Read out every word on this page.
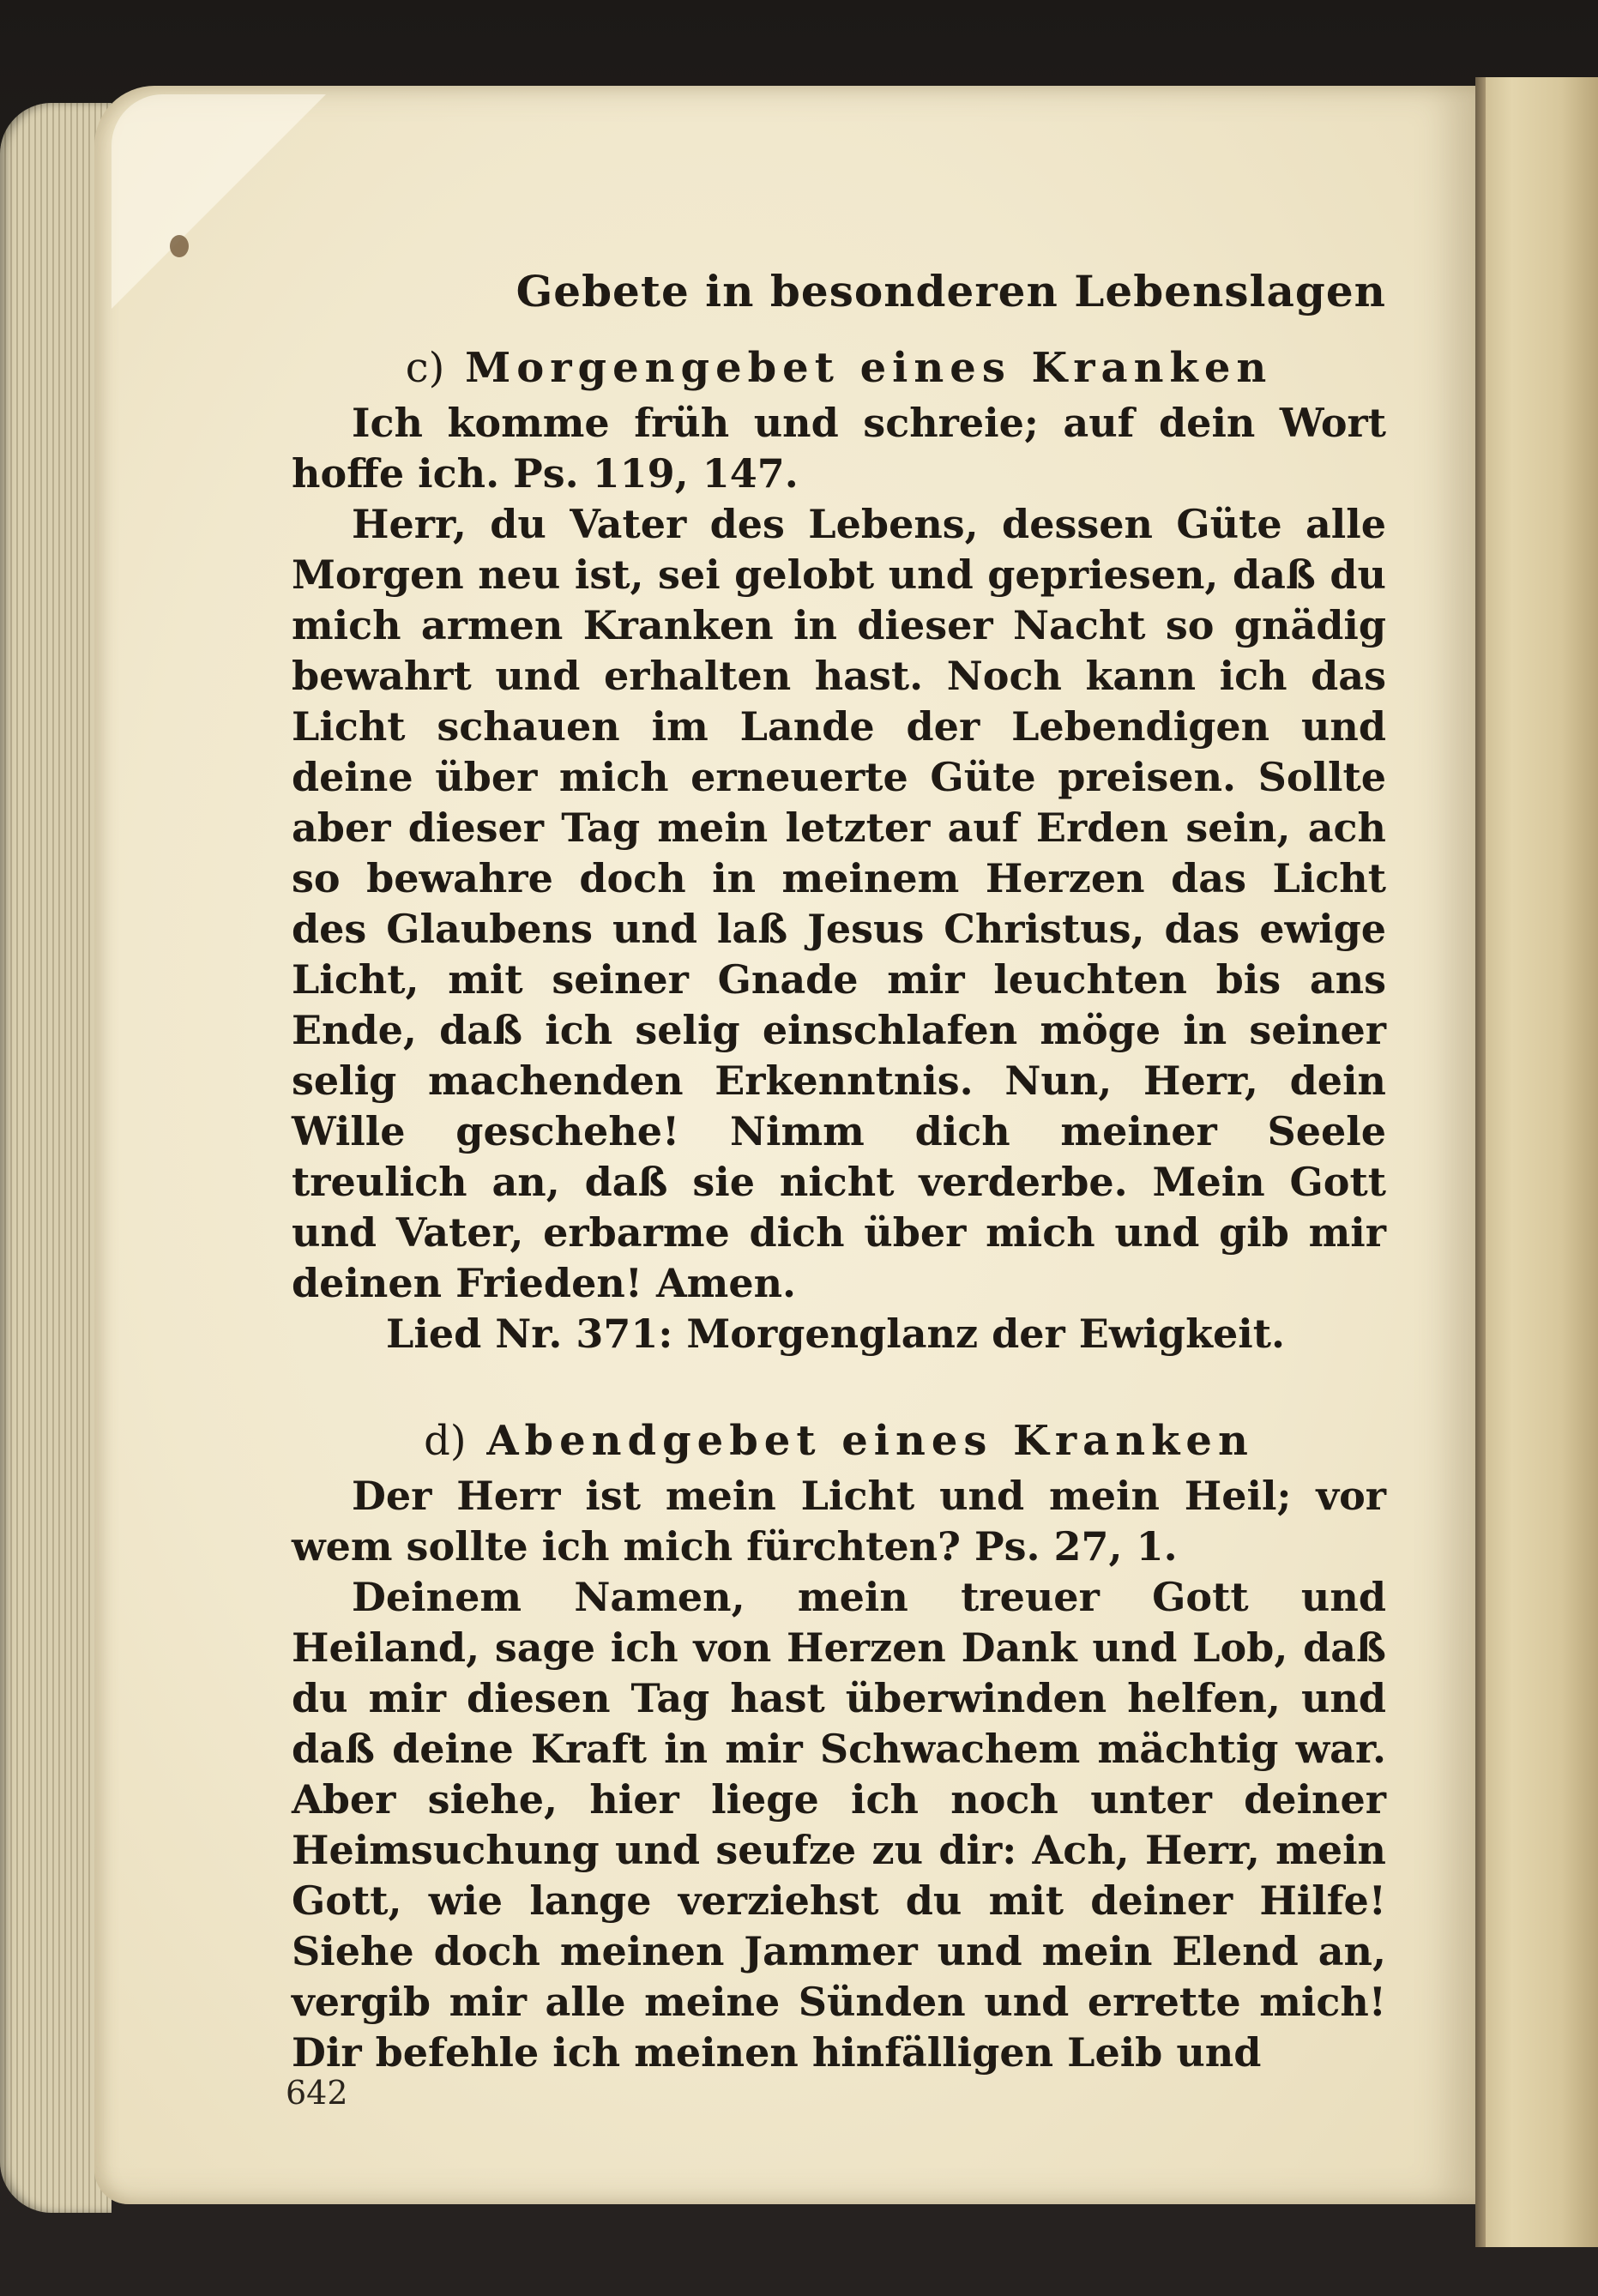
Gebete in besonderen Lebenslagen
c) Morgengebet eines Kranken

Ich komme früh und schreie; auf dein Wort hoffe ich. Ps. 119, 147.

Herr, du Vater des Lebens, dessen Güte alle Morgen neu ist, sei gelobt und gepriesen, daß du mich armen Kranken in dieser Nacht so gnädig bewahrt und erhalten hast. Noch kann ich das Licht schauen im Lande der Lebendigen und deine über mich erneuerte Güte preisen. Sollte aber dieser Tag mein letzter auf Erden sein, ach so bewahre doch in meinem Herzen das Licht des Glaubens und laß Jesus Christus, das ewige Licht, mit seiner Gnade mir leuchten bis ans Ende, daß ich selig einschlafen möge in seiner selig machenden Erkenntnis. Nun, Herr, dein Wille geschehe! Nimm dich meiner Seele treulich an, daß sie nicht verderbe. Mein Gott und Vater, erbarme dich über mich und gib mir deinen Frieden! Amen.

Lied Nr. 371: Morgenglanz der Ewigkeit.

d) Abendgebet eines Kranken

Der Herr ist mein Licht und mein Heil; vor wem sollte ich mich fürchten? Ps. 27, 1.

Deinem Namen, mein treuer Gott und Heiland, sage ich von Herzen Dank und Lob, daß du mir diesen Tag hast überwinden helfen, und daß deine Kraft in mir Schwachem mächtig war. Aber siehe, hier liege ich noch unter deiner Heimsuchung und seufze zu dir: Ach, Herr, mein Gott, wie lange verziehst du mit deiner Hilfe! Siehe doch meinen Jammer und mein Elend an, vergib mir alle meine Sünden und errette mich! Dir befehle ich meinen hinfälligen Leib und

642
